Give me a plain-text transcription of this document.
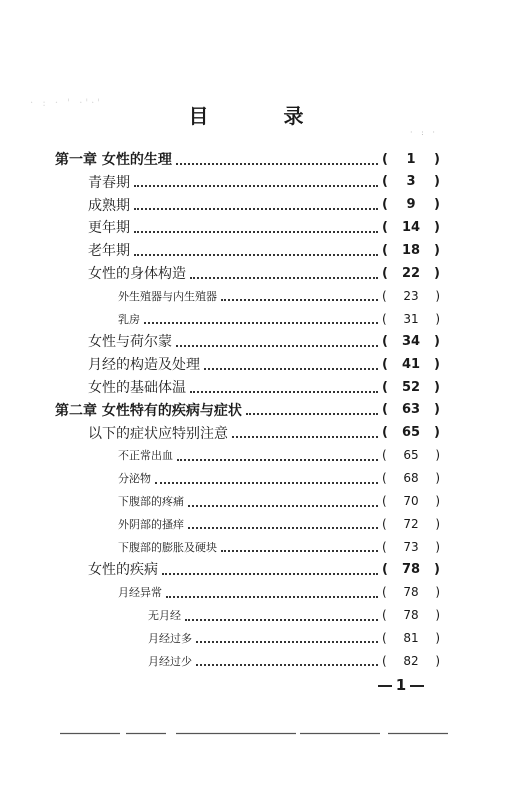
· : · ' ·'·'
· : ·
目 录
第一章 女性的生理	( 1 )
青春期	( 3 )
成熟期	( 9 )
更年期	( 14 )
老年期	( 18 )
女性的身体构造	( 22 )
外生殖器与内生殖器	( 23 )
乳房	( 31 )
女性与荷尔蒙	( 34 )
月经的构造及处理	( 41 )
女性的基础体温	( 52 )
第二章 女性特有的疾病与症状	( 63 )
以下的症状应特别注意	( 65 )
不正常出血	( 65 )
分泌物	( 68 )
下腹部的疼痛	( 70 )
外阴部的搔痒	( 72 )
下腹部的膨胀及硬块	( 73 )
女性的疾病	( 78 )
月经异常	( 78 )
无月经	( 78 )
月经过多	( 81 )
月经过少	( 82 )
1
